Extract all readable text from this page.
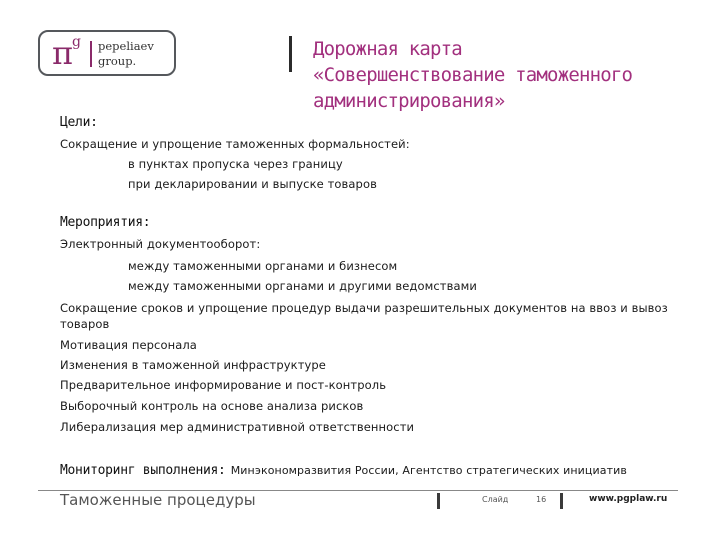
π
g pepeliaev
group.
Дорожная карта
«Совершенствование таможенного
администрирования»
Цели:
Сокращение и упрощение таможенных формальностей:
в пунктах пропуска через границу
при декларировании и выпуске товаров
Мероприятия:
Электронный документооборот:
между таможенными органами и бизнесом
между таможенными органами и другими ведомствами
Сокращение сроков и упрощение процедур выдачи разрешительных документов на ввоз и вывоз
товаров
Мотивация персонала
Изменения в таможенной инфраструктуре
Предварительное информирование и пост-контроль
Выборочный контроль на основе анализа рисков
Либерализация мер административной ответственности
Мониторинг выполнения: Минэкономразвития России, Агентство стратегических инициатив
Таможенные процедуры	Слайд	16	www.pgplaw.ru
